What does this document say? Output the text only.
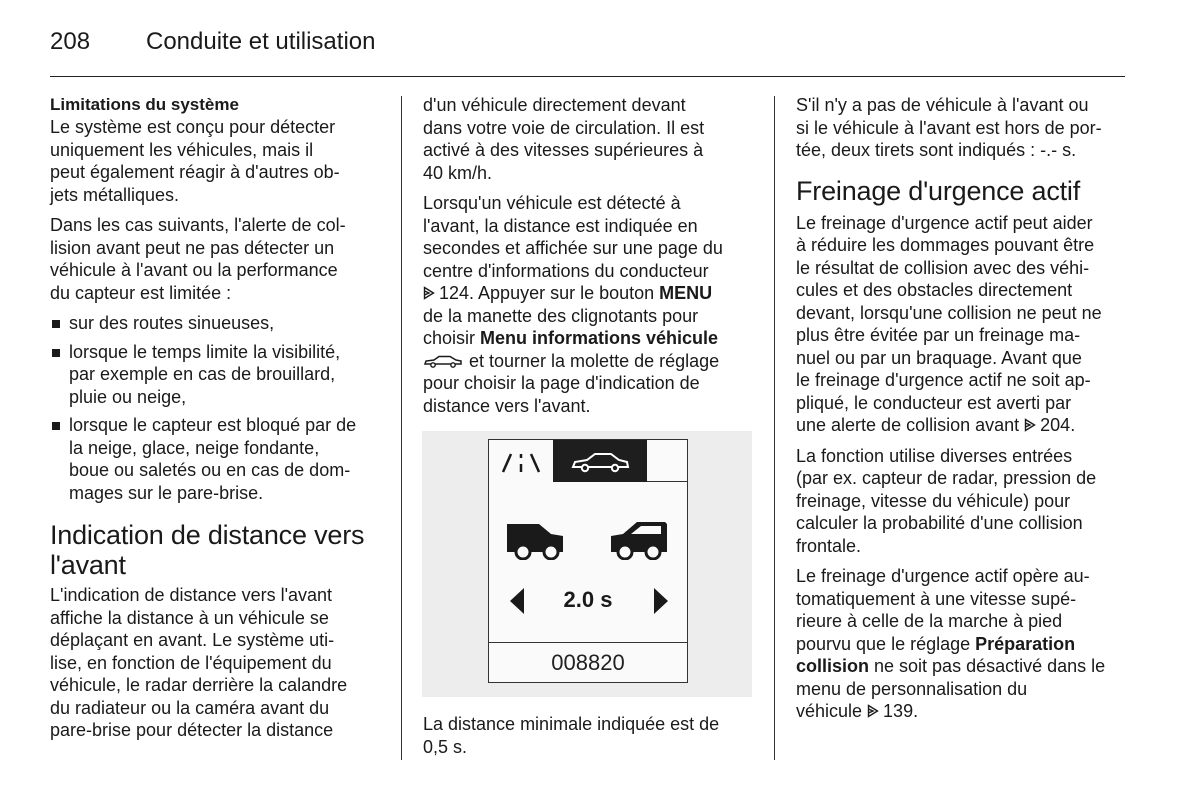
208 Conduite et utilisation
Limitations du système

Le système est conçu pour détecter
uniquement les véhicules, mais il
peut également réagir à d'autres ob-
jets métalliques.

Dans les cas suivants, l'alerte de col-
lision avant peut ne pas détecter un
véhicule à l'avant ou la performance
du capteur est limitée :

sur des routes sinueuses,
lorsque le temps limite la visibilité,
par exemple en cas de brouillard,
pluie ou neige,
lorsque le capteur est bloqué par de
la neige, glace, neige fondante,
boue ou saletés ou en cas de dom-
mages sur le pare-brise.
Indication de distance vers
l'avant

L'indication de distance vers l'avant
affiche la distance à un véhicule se
déplaçant en avant. Le système uti-
lise, en fonction de l'équipement du
véhicule, le radar derrière la calandre
du radiateur ou la caméra avant du
pare-brise pour détecter la distance

d'un véhicule directement devant
dans votre voie de circulation. Il est
activé à des vitesses supérieures à
40 km/h.

Lorsqu'un véhicule est détecté à
l'avant, la distance est indiquée en
secondes et affichée sur une page du
centre d'informations du conducteur
124. Appuyer sur le bouton MENU
de la manette des clignotants pour
choisir Menu informations véhicule
et tourner la molette de réglage
pour choisir la page d'indication de
distance vers l'avant.

2.0 s
008820

La distance minimale indiquée est de
0,5 s.

S'il n'y a pas de véhicule à l'avant ou
si le véhicule à l'avant est hors de por-
tée, deux tirets sont indiqués : -.- s.

Freinage d'urgence actif

Le freinage d'urgence actif peut aider
à réduire les dommages pouvant être
le résultat de collision avec des véhi-
cules et des obstacles directement
devant, lorsqu'une collision ne peut ne
plus être évitée par un freinage ma-
nuel ou par un braquage. Avant que
le freinage d'urgence actif ne soit ap-
pliqué, le conducteur est averti par
une alerte de collision avant 204.

La fonction utilise diverses entrées
(par ex. capteur de radar, pression de
freinage, vitesse du véhicule) pour
calculer la probabilité d'une collision
frontale.

Le freinage d'urgence actif opère au-
tomatiquement à une vitesse supé-
rieure à celle de la marche à pied
pourvu que le réglage Préparation
collision ne soit pas désactivé dans le
menu de personnalisation du
véhicule 139.
